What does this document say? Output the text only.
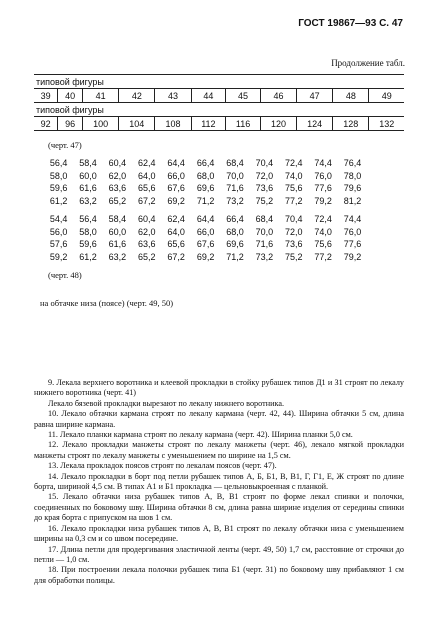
ГОСТ 19867—93 С. 47
Продолжение табл.
типовой фигуры										
39	40	41	42	43	44	45	46	47	48	49
типовой фигуры										
92	96	100	104	108	112	116	120	124	128	132
(черт. 47)
56,4	58,4	60,4	62,4	64,4	66,4	68,4	70,4	72,4	74,4	76,4
58,0	60,0	62,0	64,0	66,0	68,0	70,0	72,0	74,0	76,0	78,0
59,6	61,6	63,6	65,6	67,6	69,6	71,6	73,6	75,6	77,6	79,6
61,2	63,2	65,2	67,2	69,2	71,2	73,2	75,2	77,2	79,2	81,2
54,4	56,4	58,4	60,4	62,4	64,4	66,4	68,4	70,4	72,4	74,4
56,0	58,0	60,0	62,0	64,0	66,0	68,0	70,0	72,0	74,0	76,0
57,6	59,6	61,6	63,6	65,6	67,6	69,6	71,6	73,6	75,6	77,6
59,2	61,2	63,2	65,2	67,2	69,2	71,2	73,2	75,2	77,2	79,2
(черт. 48)
на обтачке низа (поясе) (черт. 49, 50)

9. Лекала верхнего воротника и клеевой прокладки в стойку рубашек типов Д1 и З1 строят по лекалу нижнего воротника (черт. 41)

Лекало бязевой прокладки вырезают по лекалу нижнего воротника.

10. Лекало обтачки кармана строят по лекалу кармана (черт. 42, 44). Ширина обтачки 5 см, длина равна ширине кармана.

11. Лекало планки кармана строят по лекалу кармана (черт. 42). Ширина планки 5,0 см.

12. Лекало прокладки манжеты строят по лекалу манжеты (черт. 46), лекало мягкой прокладки манжеты строят по лекалу манжеты с уменьшением по ширине на 1,5 см.

13. Лекала прокладок поясов строят по лекалам поясов (черт. 47).

14. Лекало прокладки в борт под петли рубашек типов А, Б, Б1, В, В1, Г, Г1, Е, Ж строят по длине борта, шириной 4,5 см. В типах А1 и Б1 прокладка — цельновыкроенная с планкой.

15. Лекало обтачки низа рубашек типов А, В, В1 строят по форме лекал спинки и полочки, соединенных по боковому шву. Ширина обтачки 8 см, длина равна ширине изделия от середины спинки до края борта с припуском на шов 1 см.

16. Лекало прокладки низа рубашек типов А, В, В1 строят по лекалу обтачки низа с уменьшением ширины на 0,3 см и со швом посередине.

17. Длина петли для продергивания эластичной ленты (черт. 49, 50) 1,7 см, расстояние от строчки до петли — 1,0 см.

18. При построении лекала полочки рубашек типа Б1 (черт. 31) по боковому шву прибавляют 1 см для обработки полицы.
